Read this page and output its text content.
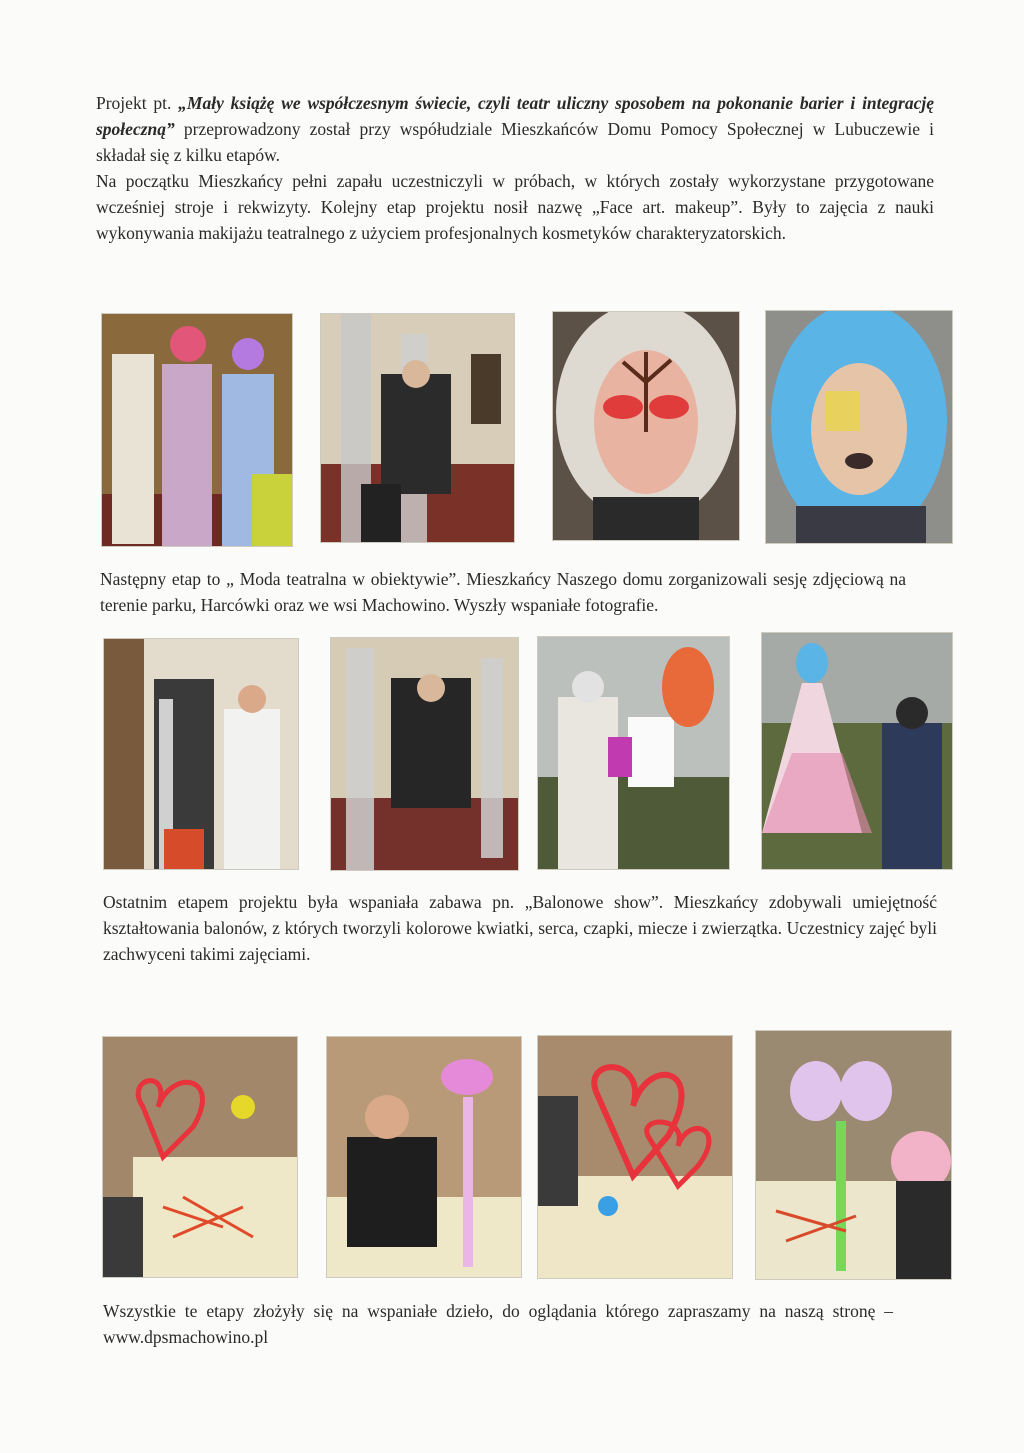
Projekt pt. „Mały książę we współczesnym świecie, czyli teatr uliczny sposobem na pokonanie barier i integrację społeczną” przeprowadzony został przy współudziale Mieszkańców Domu Pomocy Społecznej w Lubuczewie i składał się z kilku etapów.
Na początku Mieszkańcy pełni zapału uczestniczyli w próbach, w których zostały wykorzystane przygotowane wcześniej stroje i rekwizyty. Kolejny etap projektu nosił nazwę „Face art. makeup”. Były to zajęcia z nauki wykonywania makijażu teatralnego z użyciem profesjonalnych kosmetyków charakteryzatorskich.
Następny etap to „ Moda teatralna w obiektywie”. Mieszkańcy Naszego domu zorganizowali sesję zdjęciową na terenie parku, Harcówki oraz we wsi Machowino. Wyszły wspaniałe fotografie.
Ostatnim etapem projektu była wspaniała zabawa pn. „Balonowe show”. Mieszkańcy zdobywali umiejętność kształtowania balonów, z których tworzyli kolorowe kwiatki, serca, czapki, miecze i zwierzątka. Uczestnicy zajęć byli zachwyceni takimi zajęciami.
Wszystkie te etapy złożyły się na wspaniałe dzieło, do oglądania którego zapraszamy na naszą stronę – www.dpsmachowino.pl
